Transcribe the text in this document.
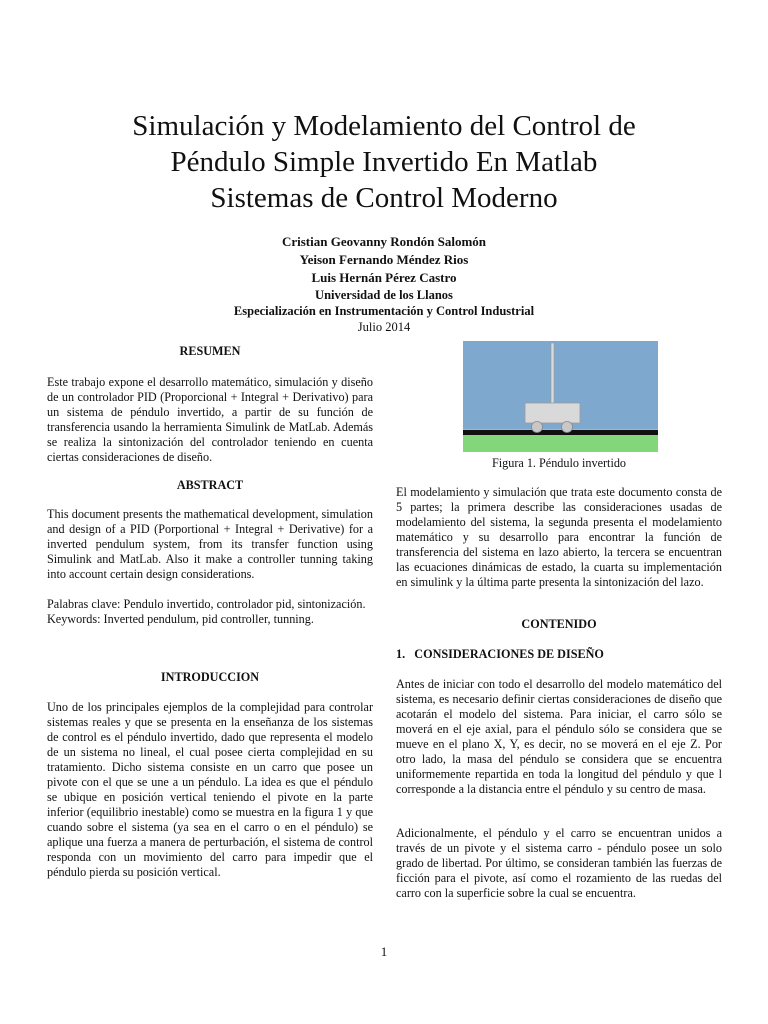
Simulación y Modelamiento del Control de
Péndulo Simple Invertido En Matlab
Sistemas de Control Moderno
Cristian Geovanny Rondón Salomón
Yeison Fernando Méndez Rios
Luis Hernán Pérez Castro
Universidad de los Llanos
Especialización en Instrumentación y Control Industrial
Julio 2014

RESUMEN

Este trabajo expone el desarrollo matemático, simulación y diseño de un controlador PID (Proporcional + Integral + Derivativo) para un sistema de péndulo invertido, a partir de su función de transferencia usando la herramienta Simulink de MatLab. Además se realiza la sintonización del controlador teniendo en cuenta ciertas consideraciones de diseño.

ABSTRACT

This document presents the mathematical development, simulation and design of a PID (Porportional + Integral + Derivative) for a inverted pendulum system, from its transfer function using Simulink and MatLab. Also it make a controller tunning taking into account certain design considerations.

Palabras clave: Pendulo invertido, controlador pid, sintonización.

Keywords: Inverted pendulum, pid controller, tunning.

INTRODUCCION

Uno de los principales ejemplos de la complejidad para controlar sistemas reales y que se presenta en la enseñanza de los sistemas de control es el péndulo invertido, dado que representa el modelo de un sistema no lineal, el cual posee cierta complejidad en su tratamiento. Dicho sistema consiste en un carro que posee un pivote con el que se une a un péndulo. La idea es que el péndulo se ubique en posición vertical teniendo el pivote en la parte inferior (equilibrio inestable) como se muestra en la figura 1 y que cuando sobre el sistema (ya sea en el carro o en el péndulo) se aplique una fuerza a manera de perturbación, el sistema de control responda con un movimiento del carro para impedir que el péndulo pierda su posición vertical.

Figura 1. Péndulo invertido

El modelamiento y simulación que trata este documento consta de 5 partes; la primera describe las consideraciones usadas de modelamiento del sistema, la segunda presenta el modelamiento matemático y su desarrollo para encontrar la función de transferencia del sistema en lazo abierto, la tercera se encuentran las ecuaciones dinámicas de estado, la cuarta su implementación en simulink y la última parte presenta la sintonización del lazo.

CONTENIDO

1.   CONSIDERACIONES DE DISEÑO

Antes de iniciar con todo el desarrollo del modelo matemático del sistema, es necesario definir ciertas consideraciones de diseño que acotarán el modelo del sistema. Para iniciar, el carro sólo se moverá en el eje axial, para el péndulo sólo se considera que se mueve en el plano X, Y, es decir, no se moverá en el eje Z. Por otro lado, la masa del péndulo se considera que se encuentra uniformemente repartida en toda la longitud del péndulo y que l corresponde a la distancia entre el péndulo y su centro de masa.

Adicionalmente, el péndulo y el carro se encuentran unidos a través de un pivote y el sistema carro - péndulo posee un solo grado de libertad. Por último, se consideran también las fuerzas de ficción para el pivote, así como el rozamiento de las ruedas del carro con la superficie sobre la cual se encuentra.

1
